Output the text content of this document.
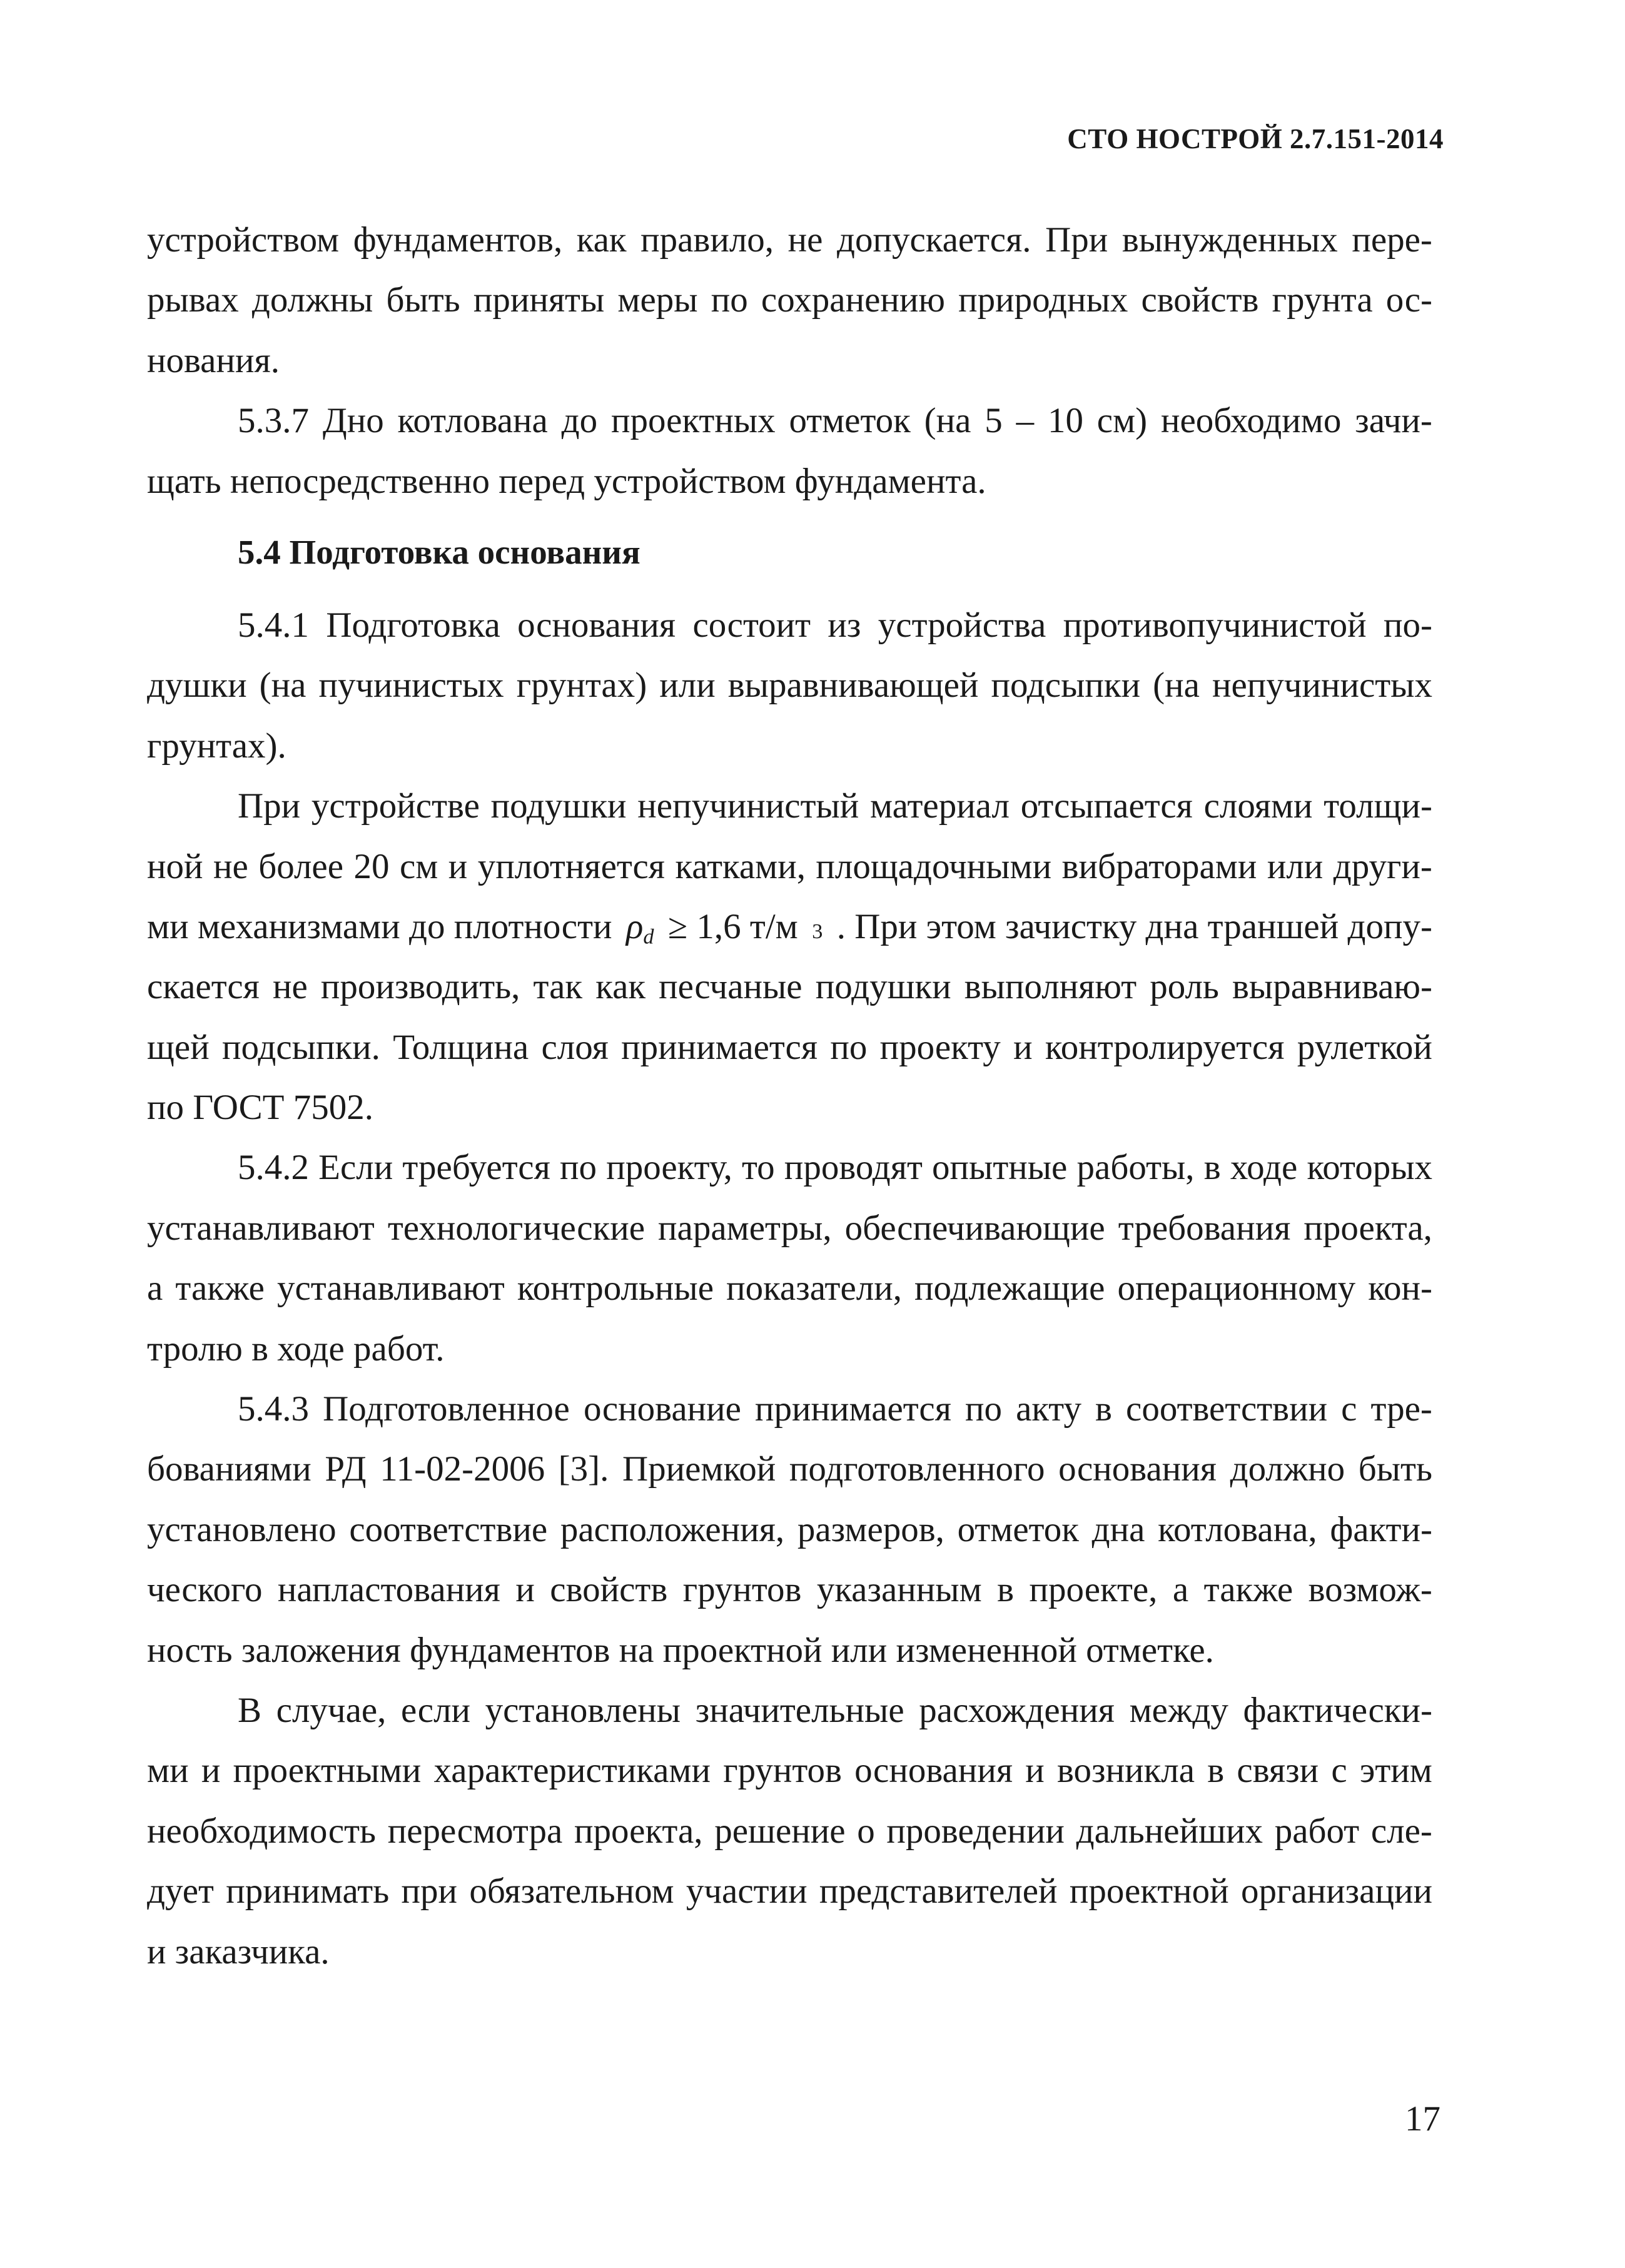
СТО НОСТРОЙ 2.7.151-2014
устройством фундаментов, как правило, не допускается. При вынужденных пере-
рывах должны быть приняты меры по сохранению природных свойств грунта ос-
нования.
5.3.7 Дно котлована до проектных отметок (на 5 – 10 см) необходимо зачи-
щать непосредственно перед устройством фундамента.
5.4 Подготовка основания
5.4.1 Подготовка основания состоит из устройства противопучинистой по-
душки (на пучинистых грунтах) или выравнивающей подсыпки (на непучинистых
грунтах).
При устройстве подушки непучинистый материал отсыпается слоями толщи-
ной не более 20 см и уплотняется катками, площадочными вибраторами или други-
ми механизмами до плотности $\rho_d \ge 1,6$ т/м 3 . При этом зачистку дна траншей допу-
скается не производить, так как песчаные подушки выполняют роль выравниваю-
щей подсыпки. Толщина слоя принимается по проекту и контролируется рулеткой
по ГОСТ 7502.
5.4.2 Если требуется по проекту, то проводят опытные работы, в ходе которых
устанавливают технологические параметры, обеспечивающие требования проекта,
а также устанавливают контрольные показатели, подлежащие операционному кон-
тролю в ходе работ.
5.4.3 Подготовленное основание принимается по акту в соответствии с тре-
бованиями РД 11-02-2006 [3]. Приемкой подготовленного основания должно быть
установлено соответствие расположения, размеров, отметок дна котлована, факти-
ческого напластования и свойств грунтов указанным в проекте, а также возмож-
ность заложения фундаментов на проектной или измененной отметке.
В случае, если установлены значительные расхождения между фактически-
ми и проектными характеристиками грунтов основания и возникла в связи с этим
необходимость пересмотра проекта, решение о проведении дальнейших работ сле-
дует принимать при обязательном участии представителей проектной организации
и заказчика.
17
